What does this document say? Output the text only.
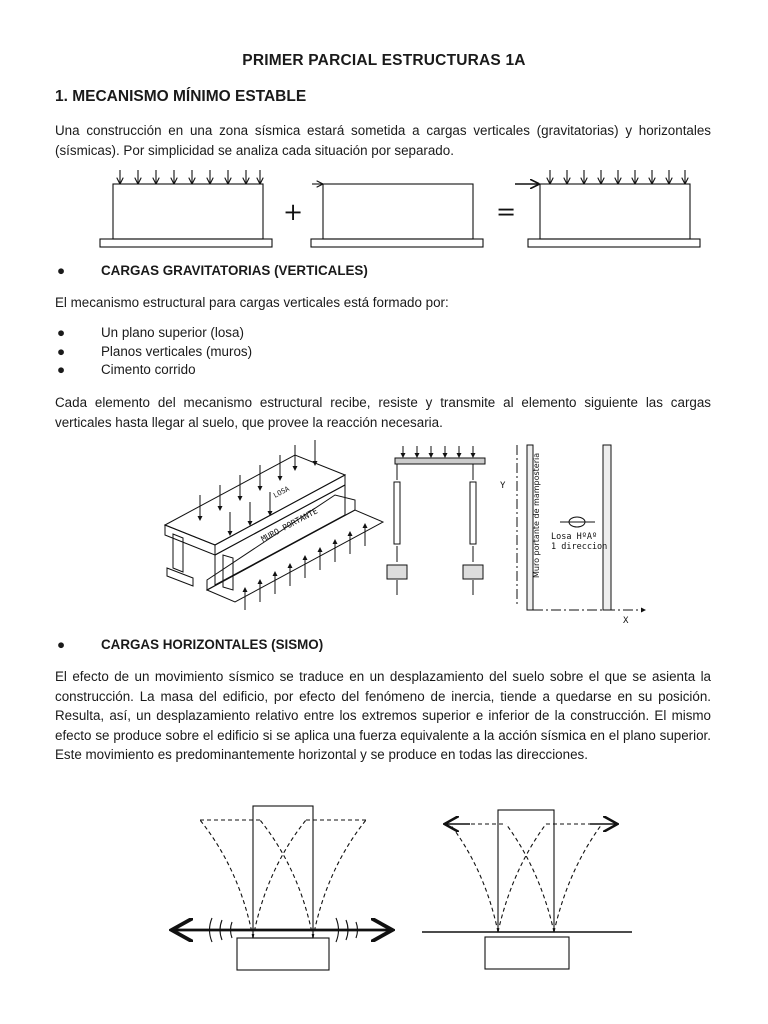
PRIMER PARCIAL ESTRUCTURAS 1A
1. MECANISMO MÍNIMO ESTABLE
Una construcción en una zona sísmica estará sometida a cargas verticales (gravitatorias) y horizontales (sísmicas). Por simplicidad se analiza cada situación por separado.
+	=
●	CARGAS GRAVITATORIAS (VERTICALES)
El mecanismo estructural para cargas verticales está formado por:
●	Un plano superior (losa)
●	Planos verticales (muros)
●	Cimento corrido
Cada elemento del mecanismo estructural recibe, resiste y transmite al elemento siguiente las cargas verticales hasta llegar al suelo, que provee la reacción necesaria.
LOSA
MURO PORTANTE	Muro portante de mampostería Losa HºAº
1 direccion
Y
X
●	CARGAS HORIZONTALES (SISMO)
El efecto de un movimiento sísmico se traduce en un desplazamiento del suelo sobre el que se asienta la construcción. La masa del edificio, por efecto del fenómeno de inercia, tiende a quedarse en su posición. Resulta, así, un desplazamiento relativo entre los extremos superior e inferior de la construcción. El mismo efecto se produce sobre el edificio si se aplica una fuerza equivalente a la acción sísmica en el plano superior. Este movimiento es predominantemente horizontal y se produce en todas las direcciones.
